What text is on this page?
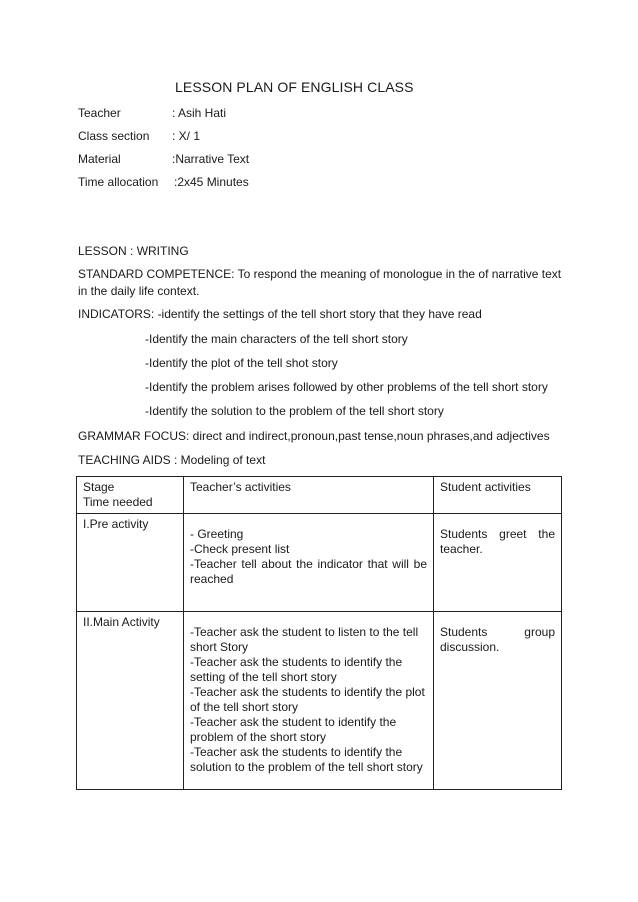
LESSON PLAN OF ENGLISH CLASS
Teacher	: Asih Hati
Class section : X/ 1
Material	:Narrative Text
Time allocation :2x45 Minutes
LESSON : WRITING
STANDARD COMPETENCE: To respond the meaning of monologue in the of narrative text in the daily life context.
INDICATORS: -identify the settings of the tell short story that they have read
-Identify the main characters of the tell short story
-Identify the plot of the tell shot story
-Identify the problem arises followed by other problems of the tell short story
-Identify the solution to the problem of the tell short story
GRAMMAR FOCUS: direct and indirect,pronoun,past tense,noun phrases,and adjectives
TEACHING AIDS : Modeling of text
Stage
Time needed	Teacher’s activities	Student activities
I.Pre activity	- Greeting
-Check present list
-Teacher tell about the indicator that will be reached	Students greet the teacher.

II.Main Activity	-Teacher ask the student to listen to the tell short Story
-Teacher ask the students to identify the setting of the tell short story
-Teacher ask the students to identify the plot of the tell short story
-Teacher ask the student to identify the problem of the short story
-Teacher ask the students to identify the solution to the problem of the tell short story	Students group discussion.
